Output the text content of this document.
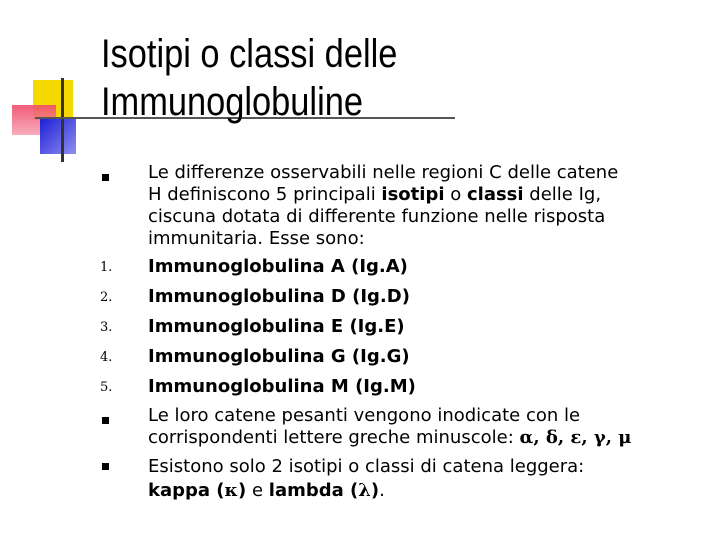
Isotipi o classi delle
Immunoglobuline
Le differenze osservabili nelle regioni C delle catene
H definiscono 5 principali isotipi o classi delle Ig,
ciscuna dotata di differente funzione nelle risposta
immunitaria. Esse sono:
1.	Immunoglobulina A (Ig.A)
2.	Immunoglobulina D (Ig.D)
3.	Immunoglobulina E (Ig.E)
4.	Immunoglobulina G (Ig.G)
5.	Immunoglobulina M (Ig.M)
Le loro catene pesanti vengono inodicate con le
corrispondenti lettere greche minuscole: α, δ, ε, γ, μ
Esistono solo 2 isotipi o classi di catena leggera:
kappa (κ) e lambda (λ).
